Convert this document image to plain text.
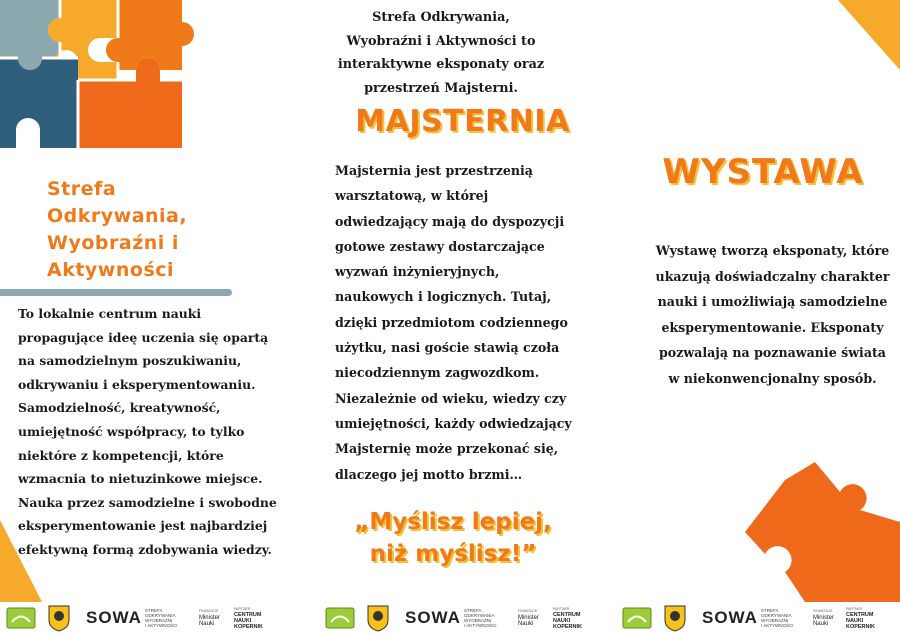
Strefa
Odkrywania,
Wyobraźni i
Aktywności
To lokalnie centrum nauki
propagujące ideę uczenia się opartą
na samodzielnym poszukiwaniu,
odkrywaniu i eksperymentowaniu.
Samodzielność, kreatywność,
umiejętność współpracy, to tylko
niektóre z kompetencji, które
wzmacnia to nietuzinkowe miejsce.
Nauka przez samodzielne i swobodne
eksperymentowanie jest najbardziej
efektywną formą zdobywania wiedzy.
Strefa Odkrywania,
Wyobraźni i Aktywności to
interaktywne eksponaty oraz
przestrzeń Majsterni.
MAJSTERNIA
Majsternia jest przestrzenią
warsztatową, w której
odwiedzający mają do dyspozycji
gotowe zestawy dostarczające
wyzwań inżynieryjnych,
naukowych i logicznych. Tutaj,
dzięki przedmiotom codziennego
użytku, nasi goście stawią czoła
niecodziennym zagwozdkom.
Niezależnie od wieku, wiedzy czy
umiejętności, każdy odwiedzający
Majsternię może przekonać się,
dlaczego jej motto brzmi…
„Myślisz lepiej,
niż myślisz!”
WYSTAWA
Wystawę tworzą eksponaty, które
ukazują doświadczalny charakter
nauki i umożliwiają samodzielne
eksperymentowanie. Eksponaty
pozwalają na poznawanie świata
w niekonwencjonalny sposób.
SOWA STREFA
ODKRYWANIA
WYOBRAŹNI
I AKTYWNOŚCI
FINANSUJE
Minister
Nauki
PARTNER
CENTRUM
NAUKI
KOPERNIK	SOWA STREFA
ODKRYWANIA
WYOBRAŹNI
I AKTYWNOŚCI
FINANSUJE
Minister
Nauki
PARTNER
CENTRUM
NAUKI
KOPERNIK	SOWA STREFA
ODKRYWANIA
WYOBRAŹNI
I AKTYWNOŚCI
FINANSUJE
Minister
Nauki
PARTNER
CENTRUM
NAUKI
KOPERNIK
